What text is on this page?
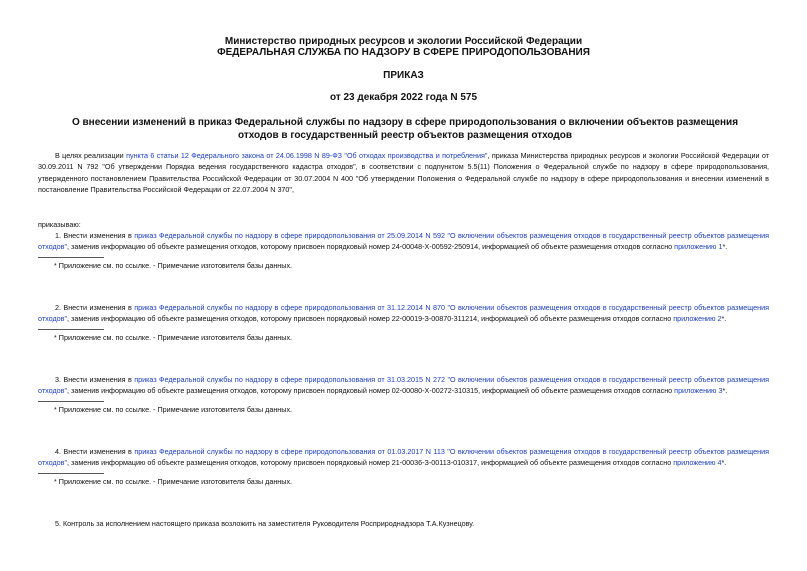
Министерство природных ресурсов и экологии Российской Федерации
ФЕДЕРАЛЬНАЯ СЛУЖБА ПО НАДЗОРУ В СФЕРЕ ПРИРОДОПОЛЬЗОВАНИЯ
ПРИКАЗ
от 23 декабря 2022 года N 575
О внесении изменений в приказ Федеральной службы по надзору в сфере природопользования о включении объектов размещения отходов в государственный реестр объектов размещения отходов
В целях реализации пункта 6 статьи 12 Федерального закона от 24.06.1998 N 89-ФЗ "Об отходах производства и потребления", приказа Министерства природных ресурсов и экологии Российской Федерации от 30.09.2011 N 792 "Об утверждении Порядка ведения государственного кадастра отходов", в соответствии с подпунктом 5.5(11) Положения о Федеральной службе по надзору в сфере природопользования, утвержденного постановлением Правительства Российской Федерации от 30.07.2004 N 400 "Об утверждении Положения о Федеральной службе по надзору в сфере природопользования и внесении изменений в постановление Правительства Российской Федерации от 22.07.2004 N 370",
приказываю:
1. Внести изменения в приказ Федеральной службы по надзору в сфере природопользования от 25.09.2014 N 592 "О включении объектов размещения отходов в государственный реестр объектов размещения отходов", заменив информацию об объекте размещения отходов, которому присвоен порядковый номер 24-00048-Х-00592-250914, информацией об объекте размещения отходов согласно приложению 1*.
* Приложение см. по ссылке. - Примечание изготовителя базы данных.
2. Внести изменения в приказ Федеральной службы по надзору в сфере природопользования от 31.12.2014 N 870 "О включении объектов размещения отходов в государственный реестр объектов размещения отходов", заменив информацию об объекте размещения отходов, которому присвоен порядковый номер 22-00019-З-00870-311214, информацией об объекте размещения отходов согласно приложению 2*.
* Приложение см. по ссылке. - Примечание изготовителя базы данных.
3. Внести изменения в приказ Федеральной службы по надзору в сфере природопользования от 31.03.2015 N 272 "О включении объектов размещения отходов в государственный реестр объектов размещения отходов", заменив информацию об объекте размещения отходов, которому присвоен порядковый номер 02-00080-Х-00272-310315, информацией об объекте размещения отходов согласно приложению 3*.
* Приложение см. по ссылке. - Примечание изготовителя базы данных.
4. Внести изменения в приказ Федеральной службы по надзору в сфере природопользования от 01.03.2017 N 113 "О включении объектов размещения отходов в государственный реестр объектов размещения отходов", заменив информацию об объекте размещения отходов, которому присвоен порядковый номер 21-00036-З-00113-010317, информацией об объекте размещения отходов согласно приложению 4*.
* Приложение см. по ссылке. - Примечание изготовителя базы данных.
5. Контроль за исполнением настоящего приказа возложить на заместителя Руководителя Росприроднадзора Т.А.Кузнецову.
